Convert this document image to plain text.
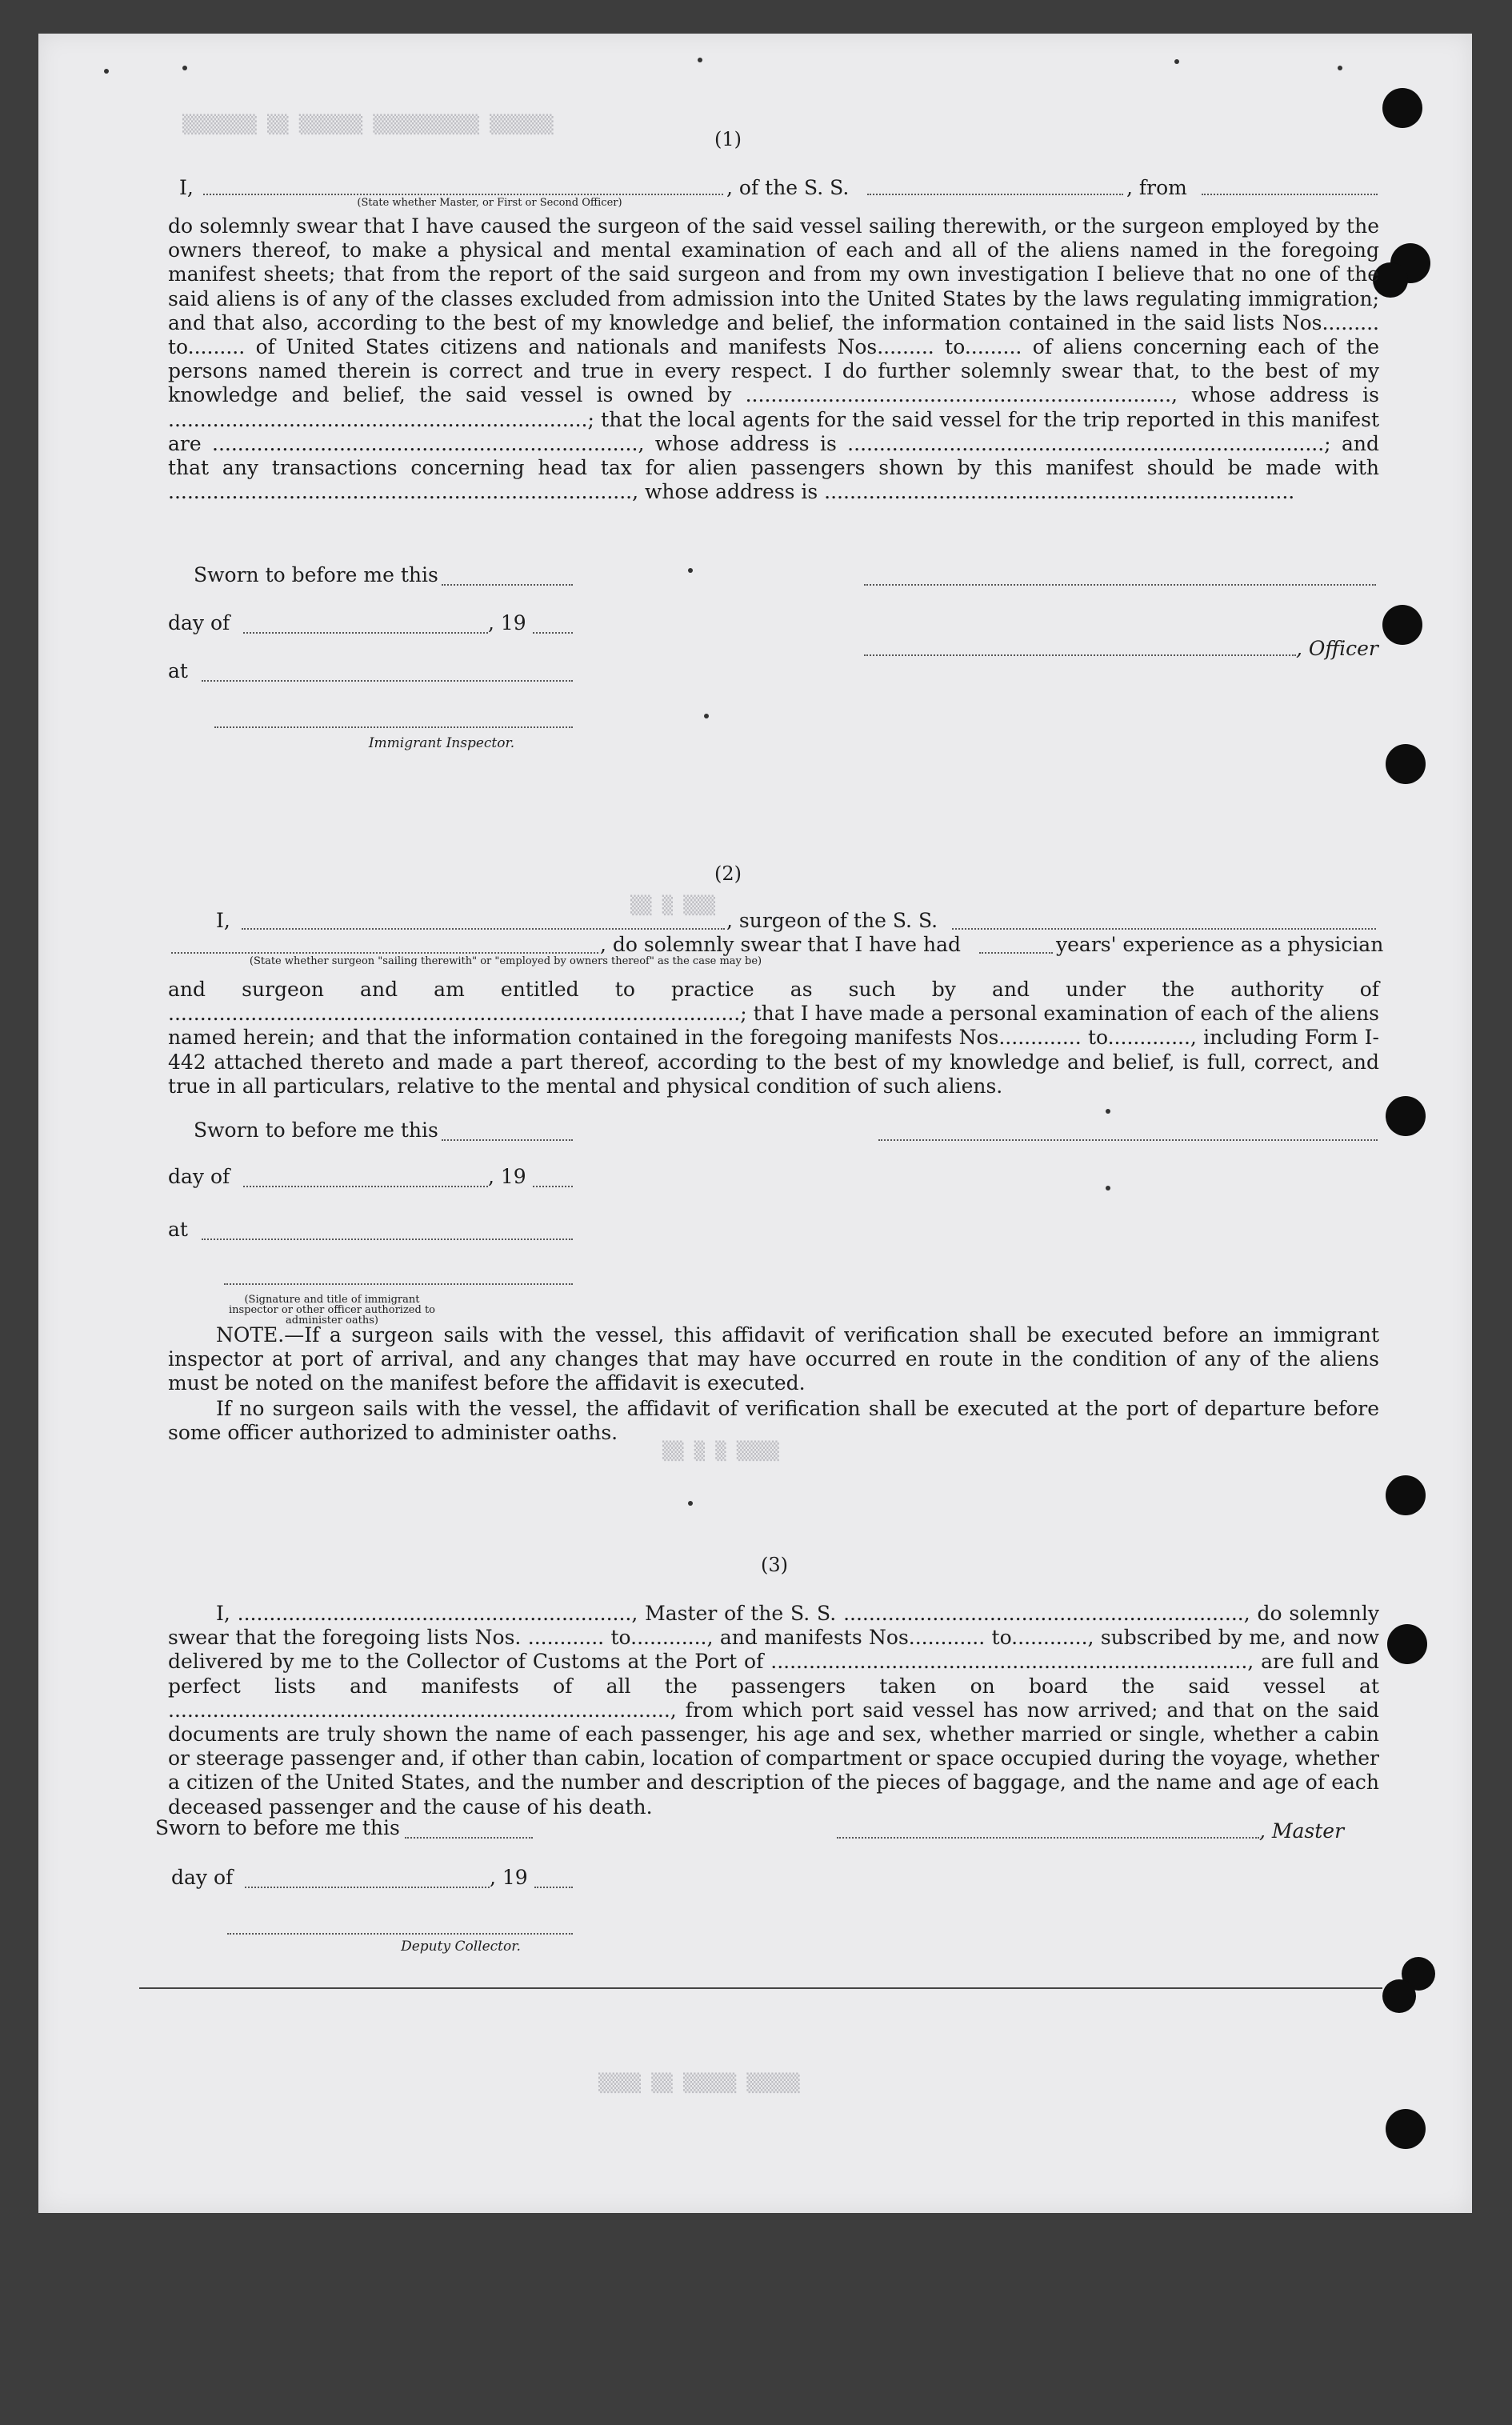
▒▒▒▒▒▒▒ ▒▒ ▒▒▒▒▒▒ ▒▒▒▒▒▒▒▒▒▒ ▒▒▒▒▒▒
▒▒ ▒ ▒▒▒
▒▒ ▒ ▒ ▒▒▒▒
▒▒▒▒ ▒▒ ▒▒▒▒▒ ▒▒▒▒▒
(1)
I,	, of the S. S.	, from
(State whether Master, or First or Second Officer)
do solemnly swear that I have caused the surgeon of the said vessel sailing therewith, or the surgeon employed by the owners thereof, to make a physical and mental examination of each and all of the aliens named in the foregoing manifest sheets; that from the report of the said surgeon and from my own investigation I believe that no one of the said aliens is of any of the classes excluded from admission into the United States by the laws regulating immigration; and that also, according to the best of my knowledge and belief, the information contained in the said lists Nos......... to......... of United States citizens and nationals and manifests Nos......... to......... of aliens concerning each of the persons named therein is correct and true in every respect. I do further solemnly swear that, to the best of my knowledge and belief, the said vessel is owned by ..................................................................., whose address is ..................................................................; that the local agents for the said vessel for the trip reported in this manifest are ..................................................................., whose address is ...........................................................................; and that any transactions concerning head tax for alien passengers shown by this manifest should be made with ........................................................................., whose address is ..........................................................................
Sworn to before me this
day of	, 19
, Officer
at
Immigrant Inspector.
(2)
I,	, surgeon of the S. S.
, do solemnly swear that I have had	years' experience as a physician
(State whether surgeon "sailing therewith" or "employed by owners thereof" as the case may be)
and surgeon and am entitled to practice as such by and under the authority of ..........................................................................................; that I have made a personal examination of each of the aliens named herein; and that the information contained in the foregoing manifests Nos............. to............., including Form I-442 attached thereto and made a part thereof, according to the best of my knowledge and belief, is full, correct, and true in all particulars, relative to the mental and physical condition of such aliens.
Sworn to before me this
day of	, 19
at
(Signature and title of immigrant inspector or other officer authorized to administer oaths)
NOTE.—If a surgeon sails with the vessel, this affidavit of verification shall be executed before an immigrant inspector at port of arrival, and any changes that may have occurred en route in the condition of any of the aliens must be noted on the manifest before the affidavit is executed.
If no surgeon sails with the vessel, the affidavit of verification shall be executed at the port of departure before some officer authorized to administer oaths.
(3)
I, .............................................................., Master of the S. S. ..............................................................., do solemnly swear that the foregoing lists Nos. ............ to............, and manifests Nos............ to............, subscribed by me, and now delivered by me to the Collector of Customs at the Port of ..........................................................................., are full and perfect lists and manifests of all the passengers taken on board the said vessel at ..............................................................................., from which port said vessel has now arrived; and that on the said documents are truly shown the name of each passenger, his age and sex, whether married or single, whether a cabin or steerage passenger and, if other than cabin, location of compartment or space occupied during the voyage, whether a citizen of the United States, and the number and description of the pieces of baggage, and the name and age of each deceased passenger and the cause of his death.
Sworn to before me this	, Master
day of	, 19
Deputy Collector.
